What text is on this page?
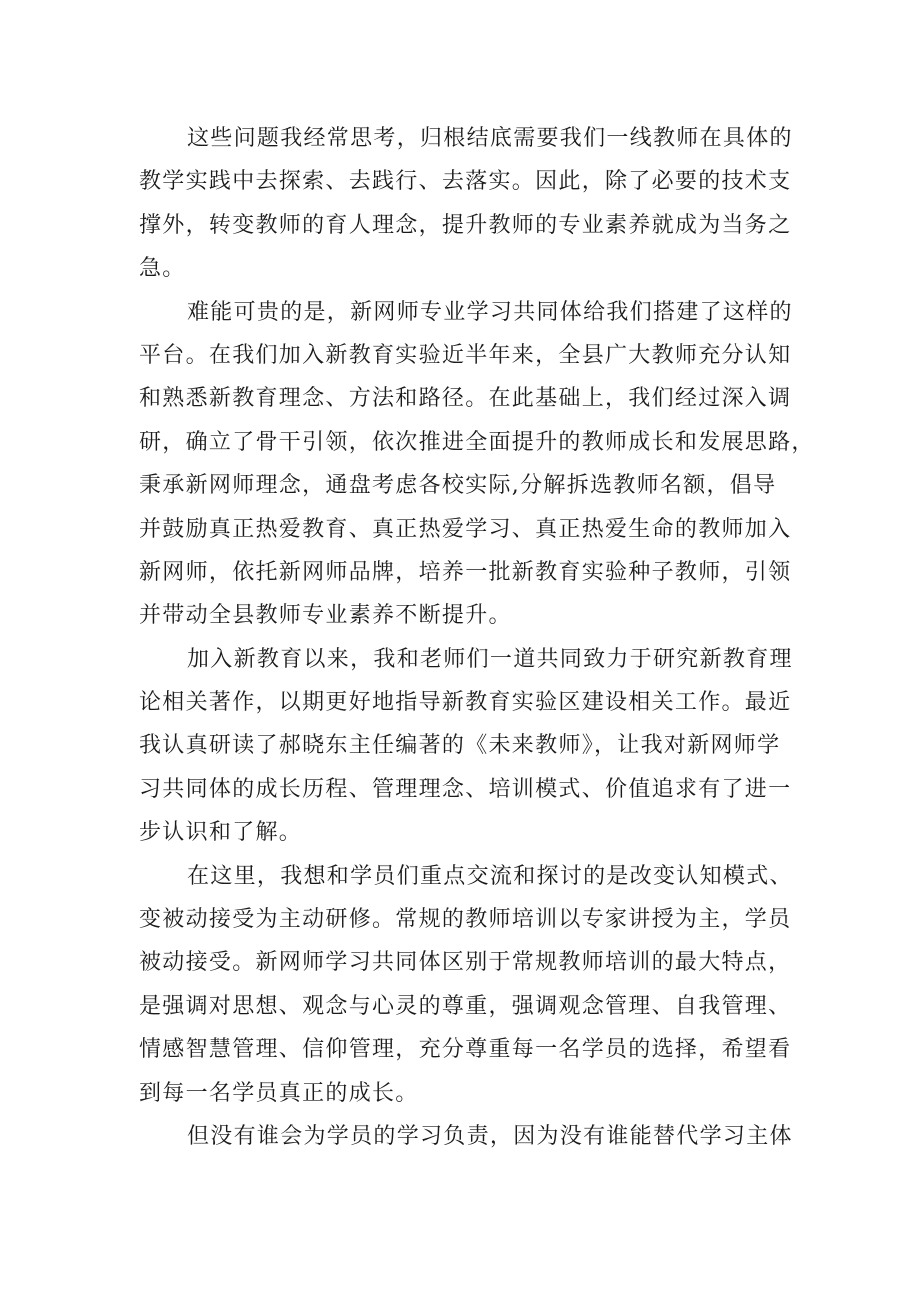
这些问题我经常思考，归根结底需要我们一线教师在具体的
教学实践中去探索、去践行、去落实。因此，除了必要的技术支
撑外，转变教师的育人理念，提升教师的专业素养就成为当务之
急。
难能可贵的是，新网师专业学习共同体给我们搭建了这样的
平台。在我们加入新教育实验近半年来，全县广大教师充分认知
和熟悉新教育理念、方法和路径。在此基础上，我们经过深入调
研，确立了骨干引领，依次推进全面提升的教师成长和发展思路，
秉承新网师理念，通盘考虑各校实际,分解拆选教师名额，倡导
并鼓励真正热爱教育、真正热爱学习、真正热爱生命的教师加入
新网师，依托新网师品牌，培养一批新教育实验种子教师，引领
并带动全县教师专业素养不断提升。
加入新教育以来，我和老师们一道共同致力于研究新教育理
论相关著作，以期更好地指导新教育实验区建设相关工作。最近
我认真研读了郝晓东主任编著的《未来教师》，让我对新网师学
习共同体的成长历程、管理理念、培训模式、价值追求有了进一
步认识和了解。
在这里，我想和学员们重点交流和探讨的是改变认知模式、
变被动接受为主动研修。常规的教师培训以专家讲授为主，学员
被动接受。新网师学习共同体区别于常规教师培训的最大特点，
是强调对思想、观念与心灵的尊重，强调观念管理、自我管理、
情感智慧管理、信仰管理，充分尊重每一名学员的选择，希望看
到每一名学员真正的成长。
但没有谁会为学员的学习负责，因为没有谁能替代学习主体
